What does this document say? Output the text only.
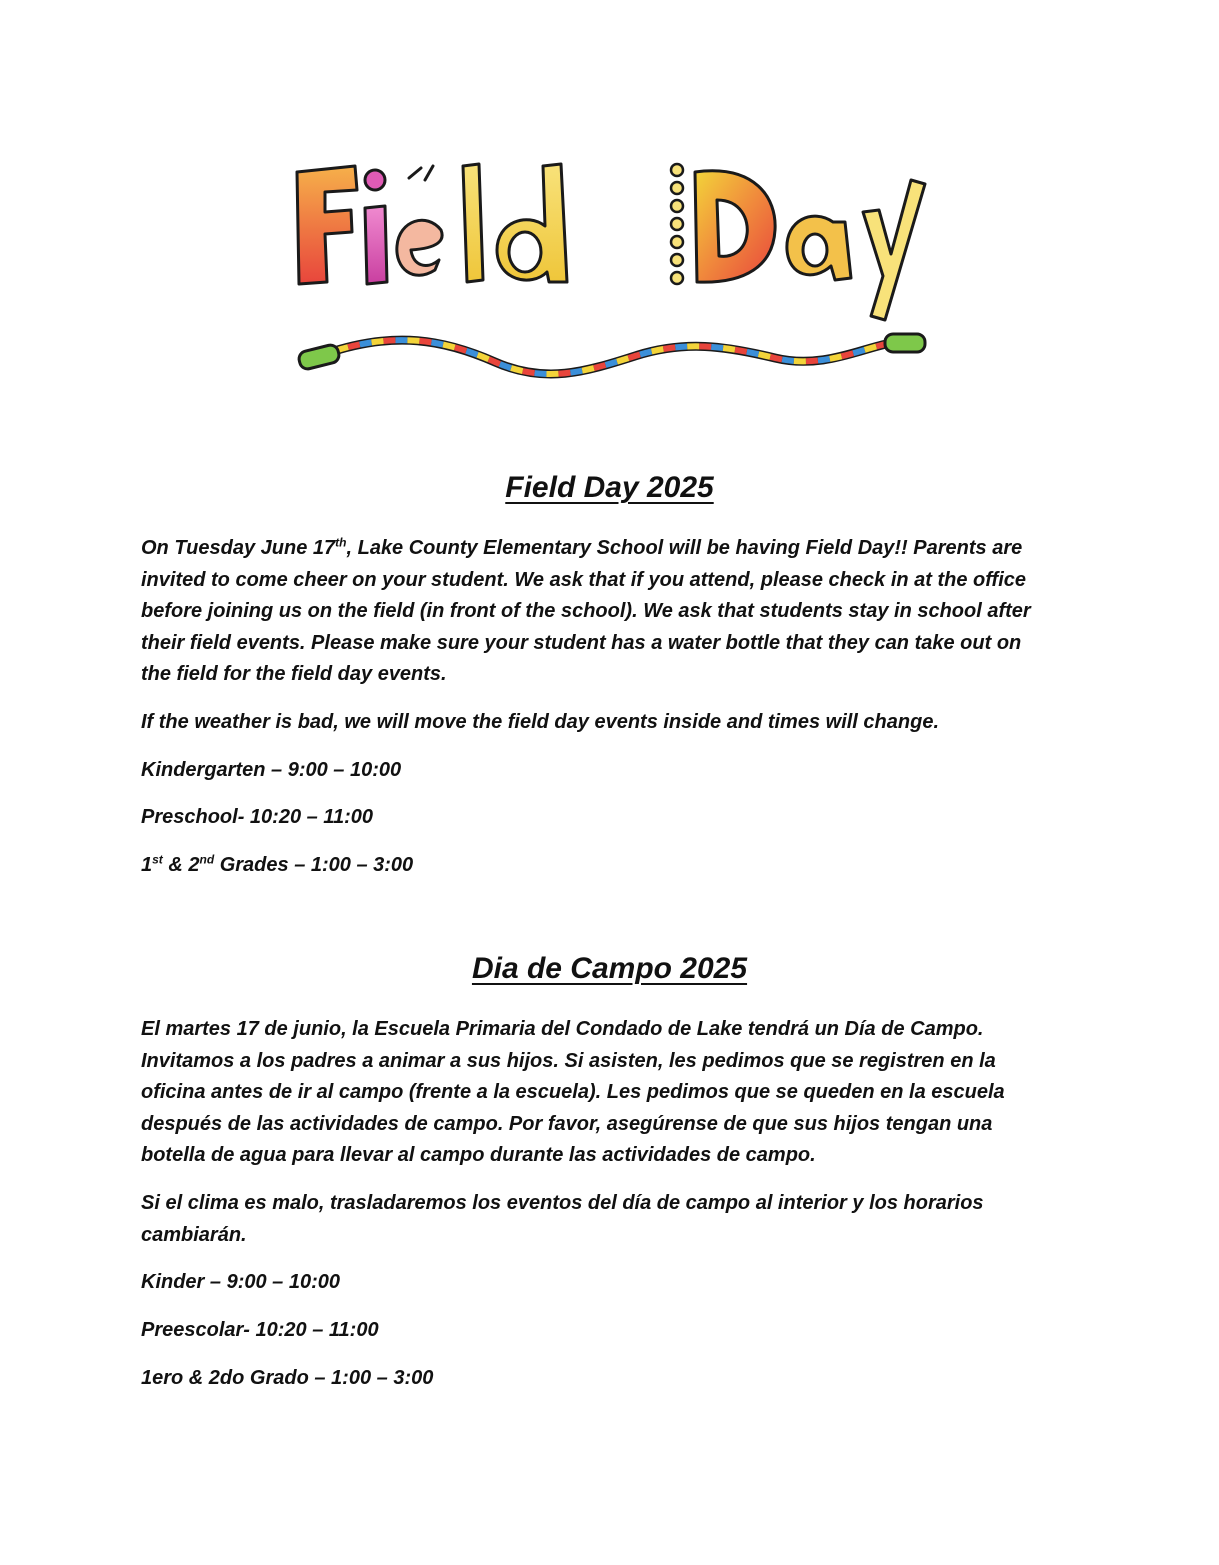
Field Day 2025
On Tuesday June 17th, Lake County Elementary School will be having Field Day!! Parents are
invited to come cheer on your student. We ask that if you attend, please check in at the office
before joining us on the field (in front of the school). We ask that students stay in school after
their field events. Please make sure your student has a water bottle that they can take out on
the field for the field day events.
If the weather is bad, we will move the field day events inside and times will change.
Kindergarten – 9:00 – 10:00
Preschool- 10:20 – 11:00
1st & 2nd Grades – 1:00 – 3:00
Dia de Campo 2025
El martes 17 de junio, la Escuela Primaria del Condado de Lake tendrá un Día de Campo.
Invitamos a los padres a animar a sus hijos. Si asisten, les pedimos que se registren en la
oficina antes de ir al campo (frente a la escuela). Les pedimos que se queden en la escuela
después de las actividades de campo. Por favor, asegúrense de que sus hijos tengan una
botella de agua para llevar al campo durante las actividades de campo.
Si el clima es malo, trasladaremos los eventos del día de campo al interior y los horarios
cambiarán.
Kinder – 9:00 – 10:00
Preescolar- 10:20 – 11:00
1ero & 2do Grado – 1:00 – 3:00
